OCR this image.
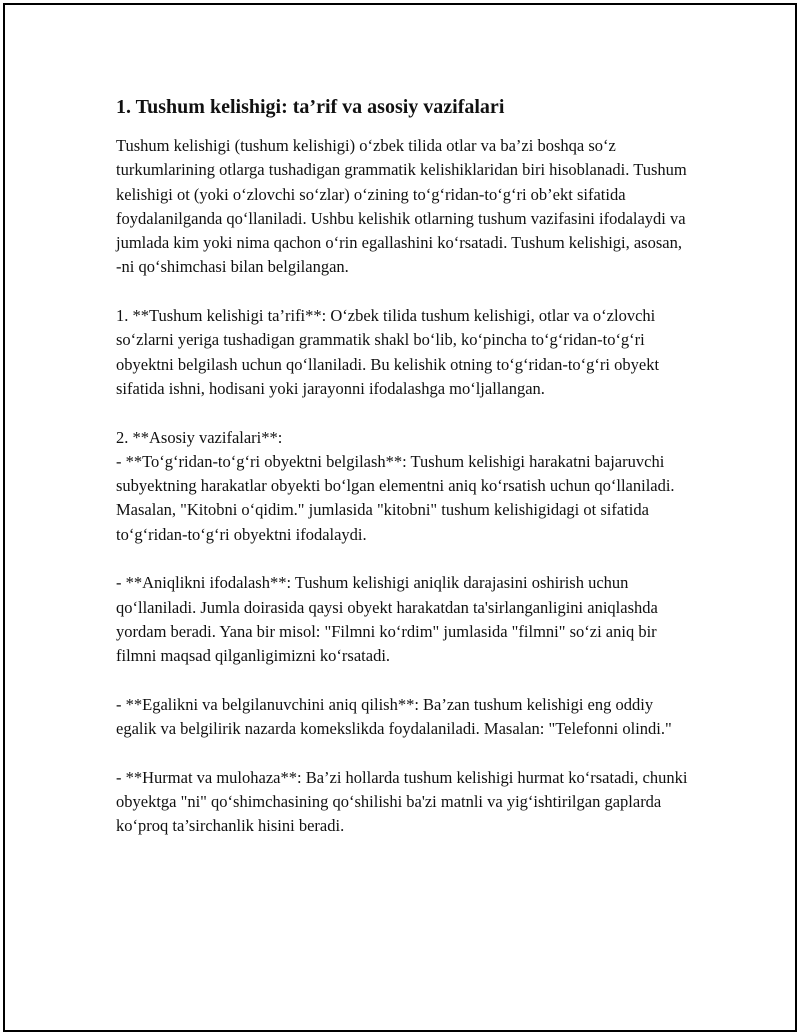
1. Tushum kelishigi: ta’rif va asosiy vazifalari

Tushum kelishigi (tushum kelishigi) o‘zbek tilida otlar va ba’zi boshqa so‘z turkumlarining otlarga tushadigan grammatik kelishiklaridan biri hisoblanadi. Tushum kelishigi ot (yoki o‘zlovchi so‘zlar) o‘zining to‘g‘ridan-to‘g‘ri ob’ekt sifatida foydalanilganda qo‘llaniladi. Ushbu kelishik otlarning tushum vazifasini ifodalaydi va jumlada kim yoki nima qachon o‘rin egallashini ko‘rsatadi. Tushum kelishigi, asosan, -ni qo‘shimchasi bilan belgilangan.

1. **Tushum kelishigi ta’rifi**: O‘zbek tilida tushum kelishigi, otlar va o‘zlovchi so‘zlarni yeriga tushadigan grammatik shakl bo‘lib, ko‘pincha to‘g‘ridan-to‘g‘ri obyektni belgilash uchun qo‘llaniladi. Bu kelishik otning to‘g‘ridan-to‘g‘ri obyekt sifatida ishni, hodisani yoki jarayonni ifodalashga mo‘ljallangan.

2. **Asosiy vazifalari**:
- **To‘g‘ridan-to‘g‘ri obyektni belgilash**: Tushum kelishigi harakatni bajaruvchi subyektning harakatlar obyekti bo‘lgan elementni aniq ko‘rsatish uchun qo‘llaniladi. Masalan, "Kitobni o‘qidim." jumlasida "kitobni" tushum kelishigidagi ot sifatida to‘g‘ridan-to‘g‘ri obyektni ifodalaydi.

- **Aniqlikni ifodalash**: Tushum kelishigi aniqlik darajasini oshirish uchun qo‘llaniladi. Jumla doirasida qaysi obyekt harakatdan ta'sirlanganligini aniqlashda yordam beradi. Yana bir misol: "Filmni ko‘rdim" jumlasida "filmni" so‘zi aniq bir filmni maqsad qilganligimizni ko‘rsatadi.

- **Egalikni va belgilanuvchini aniq qilish**: Ba’zan tushum kelishigi eng oddiy egalik va belgilirik nazarda komekslikda foydalaniladi. Masalan: "Telefonni olindi."

- **Hurmat va mulohaza**: Ba’zi hollarda tushum kelishigi hurmat ko‘rsatadi, chunki obyektga "ni" qo‘shimchasining qo‘shilishi ba'zi matnli va yig‘ishtirilgan gaplarda ko‘proq ta’sirchanlik hisini beradi.
